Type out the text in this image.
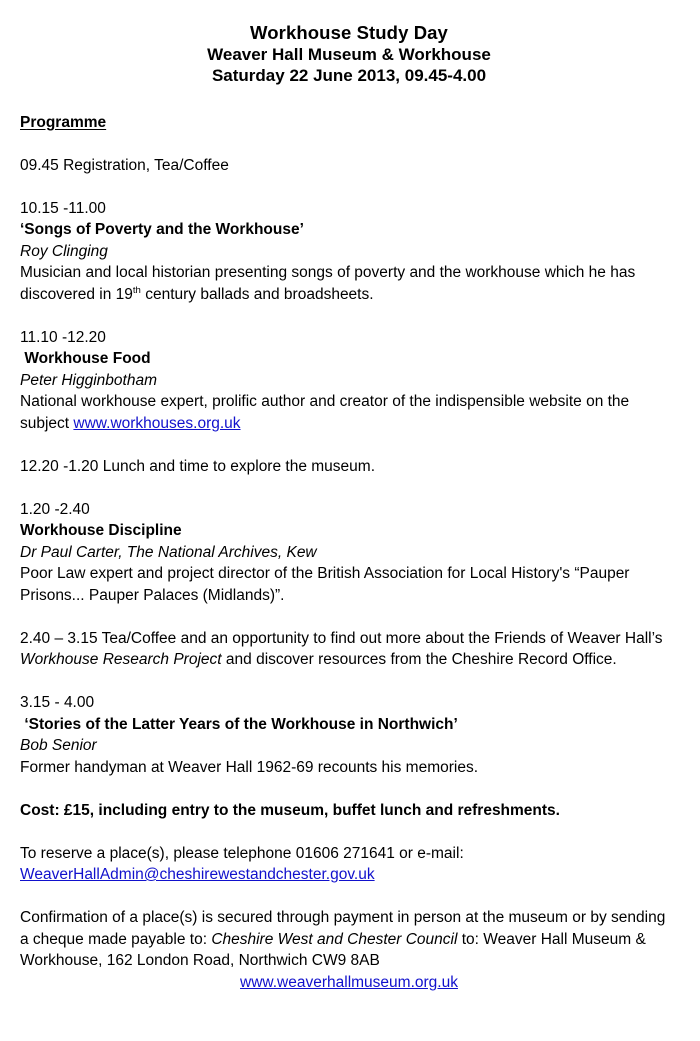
Workhouse Study Day
Weaver Hall Museum & Workhouse
Saturday 22 June 2013, 09.45-4.00
Programme

09.45 Registration, Tea/Coffee

10.15 -11.00

‘Songs of Poverty and the Workhouse’

Roy Clinging

Musician and local historian presenting songs of poverty and the workhouse which he has discovered in 19th century ballads and broadsheets.

11.10 -12.20

Workhouse Food

Peter Higginbotham

National workhouse expert, prolific author and creator of the indispensible website on the subject www.workhouses.org.uk

12.20 -1.20 Lunch and time to explore the museum.

1.20 -2.40

Workhouse Discipline

Dr Paul Carter, The National Archives, Kew

Poor Law expert and project director of the British Association for Local History's “Pauper Prisons... Pauper Palaces (Midlands)”.

2.40 – 3.15 Tea/Coffee and an opportunity to find out more about the Friends of Weaver Hall’s Workhouse Research Project and discover resources from the Cheshire Record Office.

3.15 - 4.00

‘Stories of the Latter Years of the Workhouse in Northwich’

Bob Senior

Former handyman at Weaver Hall 1962-69 recounts his memories.

Cost: £15, including entry to the museum, buffet lunch and refreshments.

To reserve a place(s), please telephone 01606 271641 or e-mail:

WeaverHallAdmin@cheshirewestandchester.gov.uk

Confirmation of a place(s) is secured through payment in person at the museum or by sending a cheque made payable to: Cheshire West and Chester Council to: Weaver Hall Museum & Workhouse, 162 London Road, Northwich CW9 8AB

www.weaverhallmuseum.org.uk
